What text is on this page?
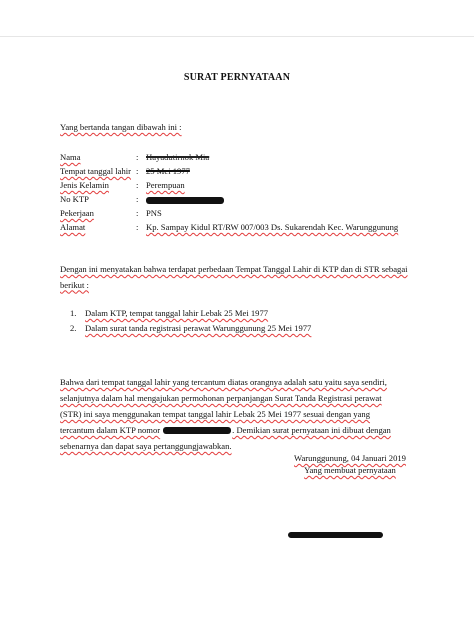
SURAT PERNYATAAN
Yang bertanda tangan dibawah ini :
Nama	: Hayadutirnok Mia
Tempat tanggal lahir : 25 Mei 1977
Jenis Kelamin	: Perempuan
No KTP	:
Pekerjaan	: PNS
Alamat	: Kp. Sampay Kidul RT/RW 007/003 Ds. Sukarendah Kec. Warunggunung
Dengan ini menyatakan bahwa terdapat perbedaan Tempat Tanggal Lahir di KTP dan di STR sebagai berikut :
1. Dalam KTP, tempat tanggal lahir Lebak 25 Mei 1977
2. Dalam surat tanda registrasi perawat Warunggunung 25 Mei 1977
Bahwa dari tempat tanggal lahir yang tercantum diatas orangnya adalah satu yaitu saya sendiri,
selanjutnya dalam hal mengajukan permohonan perpanjangan Surat Tanda Registrasi perawat
(STR) ini saya menggunakan tempat tanggal lahir Lebak 25 Mei 1977 sesuai dengan yang
tercantum dalam KTP nomor	. Demikian surat pernyataan ini dibuat dengan
sebenarnya dan dapat saya pertanggungjawabkan.
Warunggunung, 04 Januari 2019
Yang membuat pernyataan
